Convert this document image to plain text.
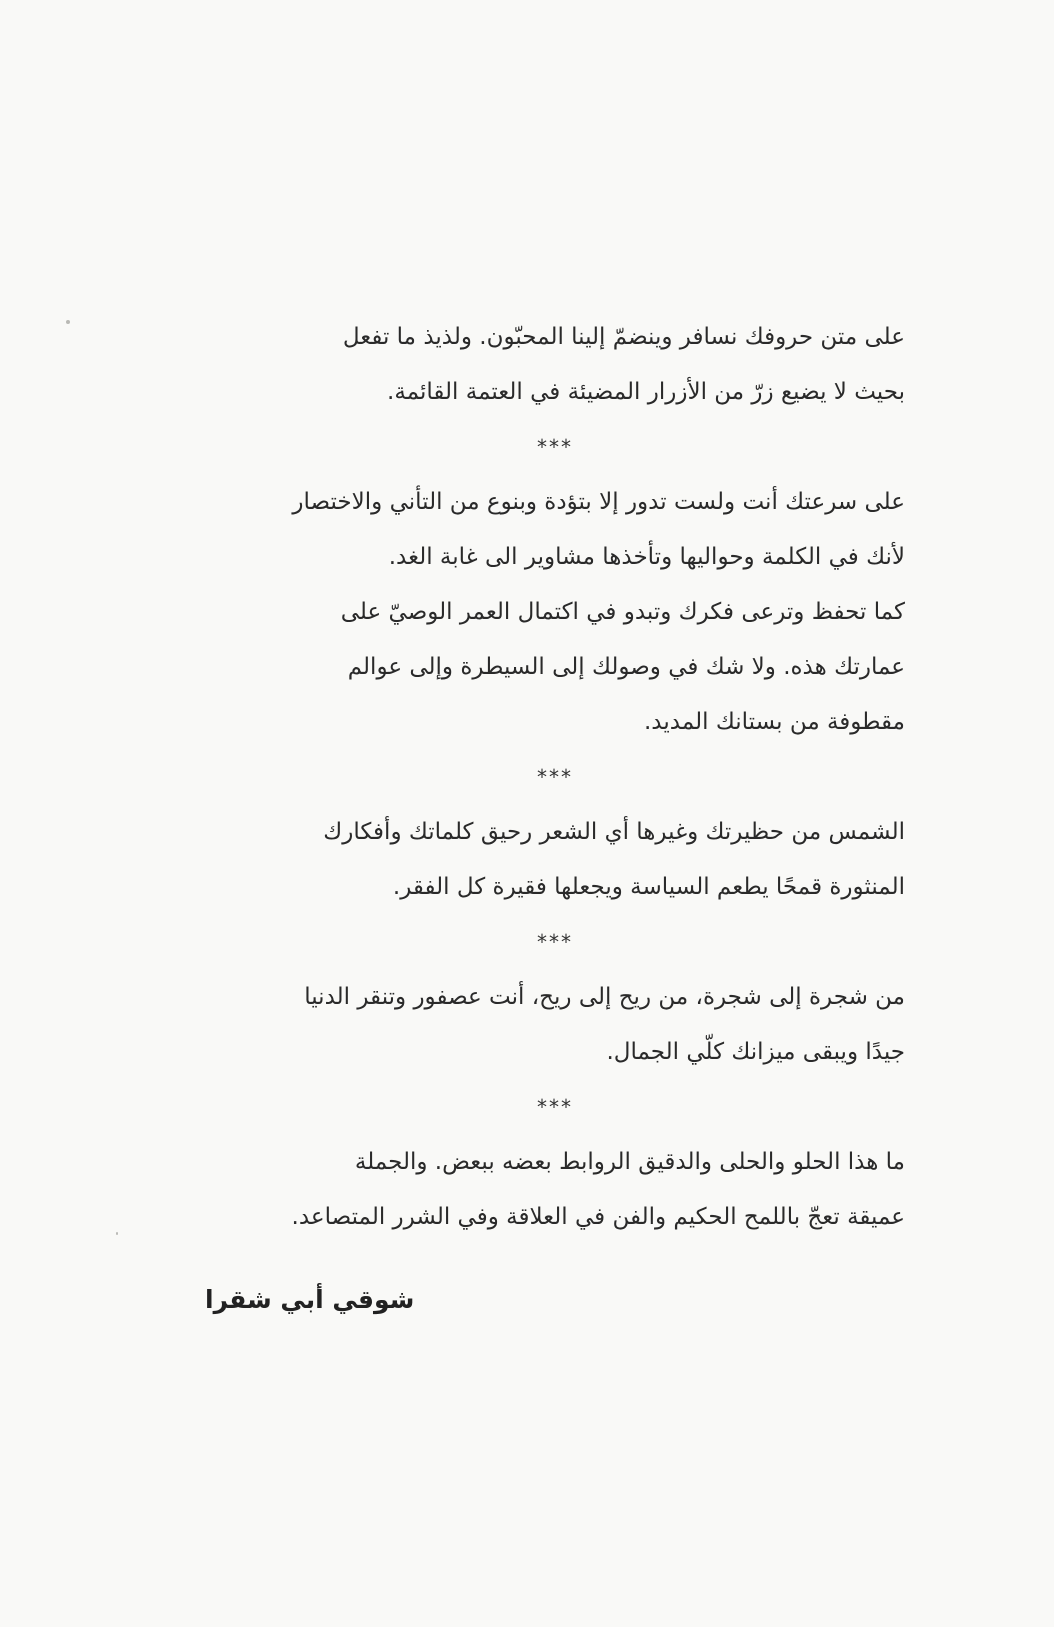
على متن حروفك نسافر وينضمّ إلينا المحبّون. ولذيذ ما تفعل
بحيث لا يضيع زرّ من الأزرار المضيئة في العتمة القائمة.
***
على سرعتك أنت ولست تدور إلا بتؤدة وبنوع من التأني والاختصار
لأنك في الكلمة وحواليها وتأخذها مشاوير الى غابة الغد.
كما تحفظ وترعى فكرك وتبدو في اكتمال العمر الوصيّ على
عمارتك هذه. ولا شك في وصولك إلى السيطرة وإلى عوالم
مقطوفة من بستانك المديد.
***
الشمس من حظيرتك وغيرها أي الشعر رحيق كلماتك وأفكارك
المنثورة قمحًا يطعم السياسة ويجعلها فقيرة كل الفقر.
***
من شجرة إلى شجرة، من ريح إلى ريح، أنت عصفور وتنقر الدنيا
جيدًا ويبقى ميزانك كلّي الجمال.
***
ما هذا الحلو والحلى والدقيق الروابط بعضه ببعض. والجملة
عميقة تعجّ باللمح الحكيم والفن في العلاقة وفي الشرر المتصاعد.
شوقي أبي شقرا
